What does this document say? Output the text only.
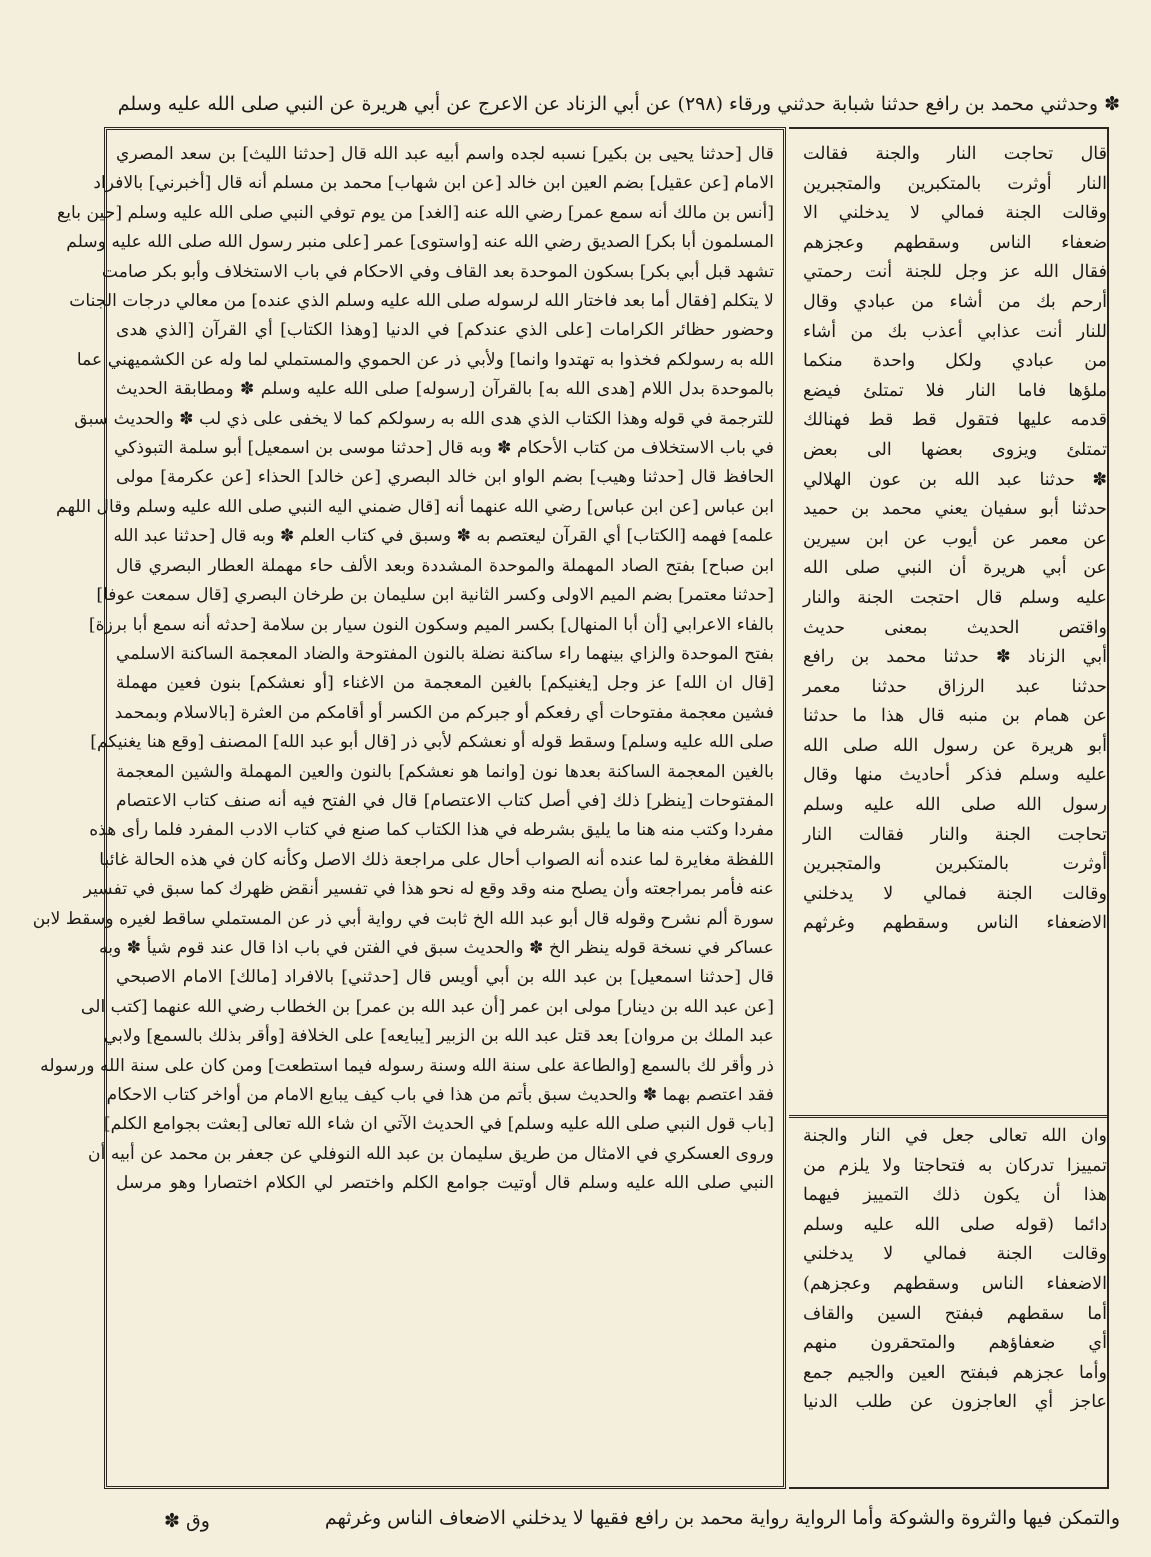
✽ وحدثني محمد بن رافع حدثنا شبابة حدثني ورقاء (٢٩٨) عن أبي الزناد عن الاعرج عن أبي هريرة عن النبي صلى الله عليه وسلم
قال [حدثنا يحيى بن بكير] نسبه لجده واسم أبيه عبد الله قال [حدثنا الليث] بن سعد المصري
الامام [عن عقيل] بضم العين ابن خالد [عن ابن شهاب] محمد بن مسلم أنه قال [أخبرني] بالافراد
[أنس بن مالك أنه سمع عمر] رضي الله عنه [الغد] من يوم توفي النبي صلى الله عليه وسلم [حين بايع
المسلمون أبا بكر] الصديق رضي الله عنه [واستوى] عمر [على منبر رسول الله صلى الله عليه وسلم
تشهد قبل أبي بكر] بسكون الموحدة بعد القاف وفي الاحكام في باب الاستخلاف وأبو بكر صامت
لا يتكلم [فقال أما بعد فاختار الله لرسوله صلى الله عليه وسلم الذي عنده] من معالي درجات الجنات
وحضور حظائر الكرامات [على الذي عندكم] في الدنيا [وهذا الكتاب] أي القرآن [الذي هدى
الله به رسولكم فخذوا به تهتدوا وانما] ولأبي ذر عن الحموي والمستملي لما وله عن الكشميهني عما
بالموحدة بدل اللام [هدى الله به] بالقرآن [رسوله] صلى الله عليه وسلم ✽ ومطابقة الحديث
للترجمة في قوله وهذا الكتاب الذي هدى الله به رسولكم كما لا يخفى على ذي لب ✽ والحديث سبق
في باب الاستخلاف من كتاب الأحكام ✽ وبه قال [حدثنا موسى بن اسمعيل] أبو سلمة التبوذكي
الحافظ قال [حدثنا وهيب] بضم الواو ابن خالد البصري [عن خالد] الحذاء [عن عكرمة] مولى
ابن عباس [عن ابن عباس] رضي الله عنهما أنه [قال ضمني اليه النبي صلى الله عليه وسلم وقال اللهم
علمه] فهمه [الكتاب] أي القرآن ليعتصم به ✽ وسبق في كتاب العلم ✽ وبه قال [حدثنا عبد الله
ابن صباح] بفتح الصاد المهملة والموحدة المشددة وبعد الألف حاء مهملة العطار البصري قال
[حدثنا معتمر] بضم الميم الاولى وكسر الثانية ابن سليمان بن طرخان البصري [قال سمعت عوفا]
بالفاء الاعرابي [أن أبا المنهال] بكسر الميم وسكون النون سيار بن سلامة [حدثه أنه سمع أبا برزة]
بفتح الموحدة والزاي بينهما راء ساكنة نضلة بالنون المفتوحة والضاد المعجمة الساكنة الاسلمي
[قال ان الله] عز وجل [يغنيكم] بالغين المعجمة من الاغناء [أو نعشكم] بنون فعين مهملة
فشين معجمة مفتوحات أي رفعكم أو جبركم من الكسر أو أقامكم من العثرة [بالاسلام وبمحمد
صلى الله عليه وسلم] وسقط قوله أو نعشكم لأبي ذر [قال أبو عبد الله] المصنف [وقع هنا يغنيكم]
بالغين المعجمة الساكنة بعدها نون [وانما هو نعشكم] بالنون والعين المهملة والشين المعجمة
المفتوحات [ينظر] ذلك [في أصل كتاب الاعتصام] قال في الفتح فيه أنه صنف كتاب الاعتصام
مفردا وكتب منه هنا ما يليق بشرطه في هذا الكتاب كما صنع في كتاب الادب المفرد فلما رأى هذه
اللفظة مغايرة لما عنده أنه الصواب أحال على مراجعة ذلك الاصل وكأنه كان في هذه الحالة غائبا
عنه فأمر بمراجعته وأن يصلح منه وقد وقع له نحو هذا في تفسير أنقض ظهرك كما سبق في تفسير
سورة ألم نشرح وقوله قال أبو عبد الله الخ ثابت في رواية أبي ذر عن المستملي ساقط لغيره وسقط لابن
عساكر في نسخة قوله ينظر الخ ✽ والحديث سبق في الفتن في باب اذا قال عند قوم شيأ ✽ وبه
قال [حدثنا اسمعيل] بن عبد الله بن أبي أويس قال [حدثني] بالافراد [مالك] الامام الاصبحي
[عن عبد الله بن دينار] مولى ابن عمر [أن عبد الله بن عمر] بن الخطاب رضي الله عنهما [كتب الى
عبد الملك بن مروان] بعد قتل عبد الله بن الزبير [يبايعه] على الخلافة [وأقر بذلك بالسمع] ولابي
ذر وأقر لك بالسمع [والطاعة على سنة الله وسنة رسوله فيما استطعت] ومن كان على سنة الله ورسوله
فقد اعتصم بهما ✽ والحديث سبق بأتم من هذا في باب كيف يبايع الامام من أواخر كتاب الاحكام
[باب قول النبي صلى الله عليه وسلم] في الحديث الآتي ان شاء الله تعالى [بعثت بجوامع الكلم]
وروى العسكري في الامثال من طريق سليمان بن عبد الله النوفلي عن جعفر بن محمد عن أبيه أن
النبي صلى الله عليه وسلم قال أوتيت جوامع الكلم واختصر لي الكلام اختصارا وهو مرسل
قال تحاجت النار والجنة فقالت
النار أوثرت بالمتكبرين والمتجبرين
وقالت الجنة فمالي لا يدخلني الا
ضعفاء الناس وسقطهم وعجزهم
فقال الله عز وجل للجنة أنت رحمتي
أرحم بك من أشاء من عبادي وقال
للنار أنت عذابي أعذب بك من أشاء
من عبادي ولكل واحدة منكما
ملؤها فاما النار فلا تمتلئ فيضع
قدمه عليها فتقول قط قط فهنالك
تمتلئ ويزوى بعضها الى بعض
✽ حدثنا عبد الله بن عون الهلالي
حدثنا أبو سفيان يعني محمد بن حميد
عن معمر عن أيوب عن ابن سيرين
عن أبي هريرة أن النبي صلى الله
عليه وسلم قال احتجت الجنة والنار
واقتص الحديث بمعنى حديث
أبي الزناد ✽ حدثنا محمد بن رافع
حدثنا عبد الرزاق حدثنا معمر
عن همام بن منبه قال هذا ما حدثنا
أبو هريرة عن رسول الله صلى الله
عليه وسلم فذكر أحاديث منها وقال
رسول الله صلى الله عليه وسلم
تحاجت الجنة والنار فقالت النار
أوثرت بالمتكبرين والمتجبرين
وقالت الجنة فمالي لا يدخلني
الاضعفاء الناس وسقطهم وغرثهم
وان الله تعالى جعل في النار والجنة
تمييزا تدركان به فتحاجتا ولا يلزم من
هذا أن يكون ذلك التمييز فيهما
دائما (قوله صلى الله عليه وسلم
وقالت الجنة فمالي لا يدخلني
الاضعفاء الناس وسقطهم وعجزهم)
أما سقطهم فبفتح السين والقاف
أي ضعفاؤهم والمتحقرون منهم
وأما عجزهم فبفتح العين والجيم جمع
عاجز أي العاجزون عن طلب الدنيا
والتمكن فيها والثروة والشوكة وأما الرواية رواية محمد بن رافع فقيها لا يدخلني الاضعاف الناس وغرثهم
وق ✽
